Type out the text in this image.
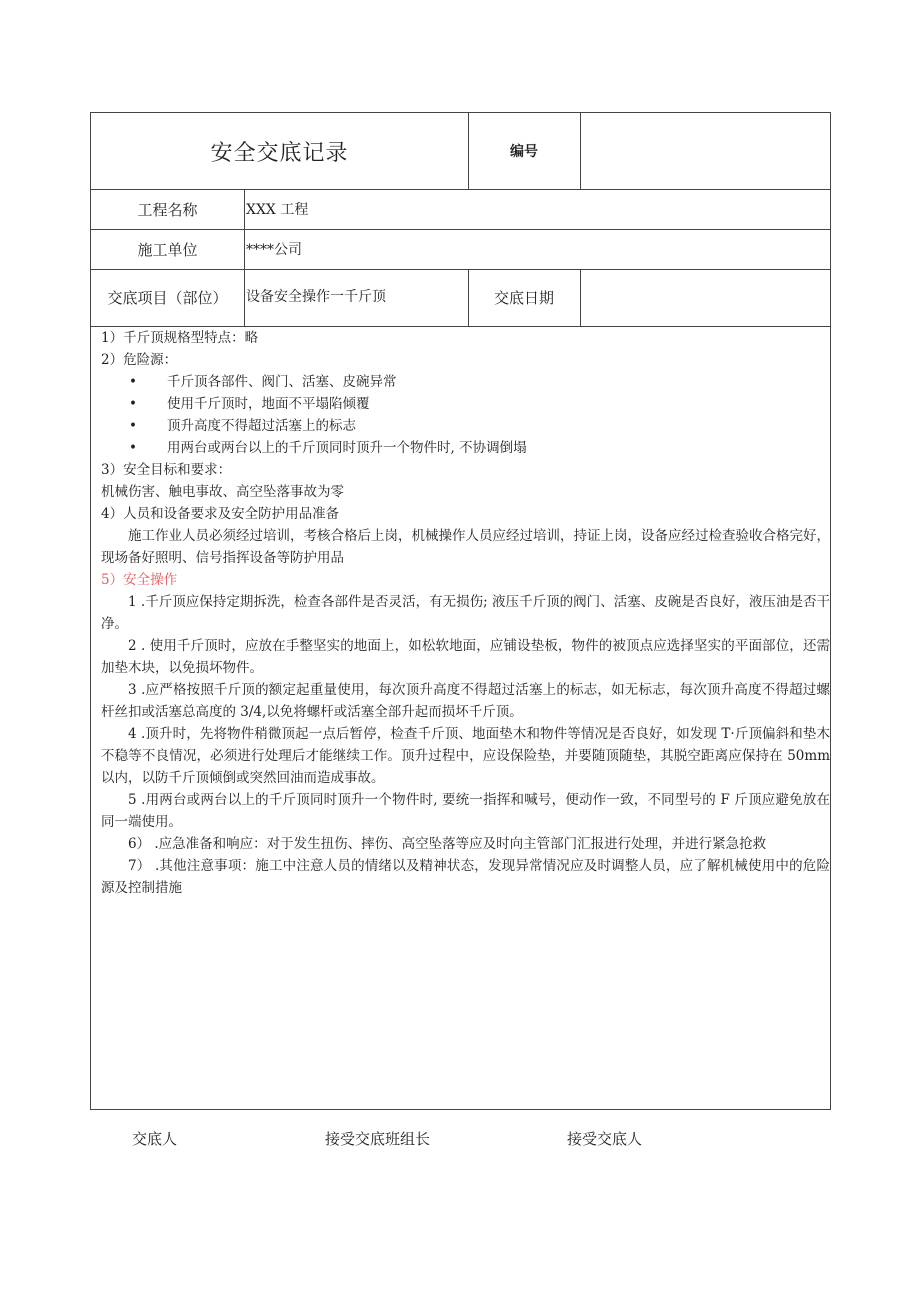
安全交底记录	编号
工程名称	XXX 工程
施工单位	****公司
交底项目（部位）	设备安全操作一千斤顶	交底日期
1）千斤顶规格型特点：略
2）危险源：
•	千斤顶各部件、阀门、活塞、皮碗异常
•	使用千斤顶时，地面不平塌陷倾覆
•	顶升高度不得超过活塞上的标志
•	用两台或两台以上的千斤顶同时顶升一个物件时, 不协调倒塌
3）安全目标和要求：
机械伤害、触电事故、高空坠落事故为零
4）人员和设备要求及安全防护用品准备
施工作业人员必须经过培训，考核合格后上岗，机械操作人员应经过培训，持证上岗，设备应经过检查验收合格完好，现场备好照明、信号指挥设备等防护用品
5）安全操作
1 .千斤顶应保持定期拆洗，检查各部件是否灵活，有无损伤; 液压千斤顶的阀门、活塞、皮碗是否良好，液压油是否干净。
2 . 使用千斤顶时，应放在手整坚实的地面上，如松软地面，应铺设垫板，物件的被顶点应选择坚实的平面部位，还需加垫木块，以免损坏物件。
3 .应严格按照千斤顶的额定起重量使用，每次顶升高度不得超过活塞上的标志，如无标志，每次顶升高度不得超过螺杆丝扣或活塞总高度的 3/4,以免将螺杆或活塞全部升起而损坏千斤顶。
4 .顶升时，先将物件稍微顶起一点后暂停，检查千斤顶、地面垫木和物件等情况是否良好，如发现 T·斤顶偏斜和垫木不稳等不良情况，必须进行处理后才能继续工作。顶升过程中，应设保险垫，并要随顶随垫，其脱空距离应保持在 50mm 以内，以防千斤顶倾倒或突然回油而造成事故。
5 .用两台或两台以上的千斤顶同时顶升一个物件时, 要统一指挥和喊号，便动作一致，不同型号的 F 斤顶应避免放在同一端使用。
6） .应急准备和响应：对于发生扭伤、摔伤、高空坠落等应及时向主管部门汇报进行处理，并进行紧急抢救
7） .其他注意事项：施工中注意人员的情绪以及精神状态，发现异常情况应及时调整人员，应了解机械使用中的危险源及控制措施
交底人	接受交底班组长	接受交底人
